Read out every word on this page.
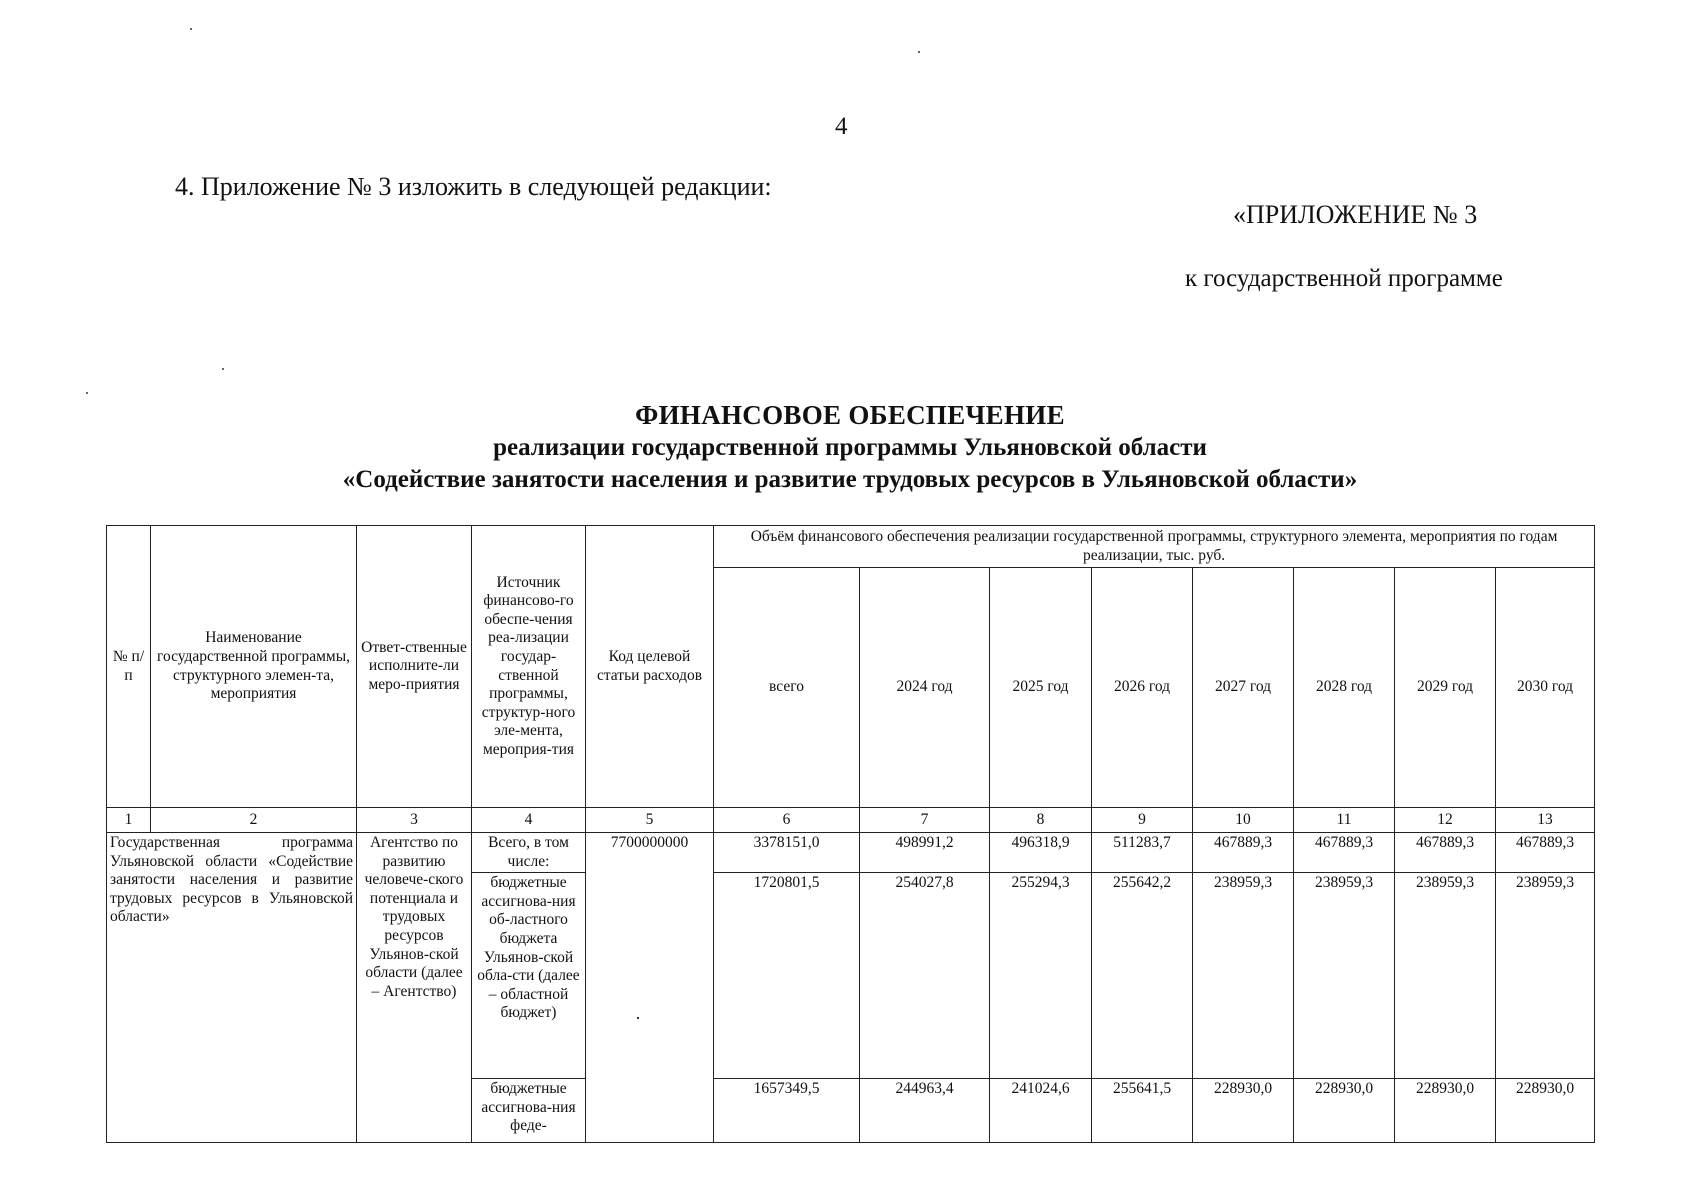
4
4. Приложение № 3 изложить в следующей редакции:
«ПРИЛОЖЕНИЕ № 3
к государственной программе
ФИНАНСОВОЕ ОБЕСПЕЧЕНИЕ
реализации государственной программы Ульяновской области
«Содействие занятости населения и развитие трудовых ресурсов в Ульяновской области»
№ п/п	Наименование государственной программы, структурного элемен-та, мероприятия	Ответ-ственные исполните-ли меро-приятия	Источник финансово-го обеспе-чения реа-лизации государ-ственной программы, структур-ного эле-мента, мероприя-тия	Код целевой статьи расходов	Объём финансового обеспечения реализации государственной программы, структурного элемента, мероприятия по годам реализации, тыс. руб.							
					всего	2024 год	2025 год	2026 год	2027 год	2028 год	2029 год	2030 год
1	2	3	4	5	6	7	8	9	10	11	12	13
Государственная программа Ульяновской области «Содействие занятости населения и развитие трудовых ресурсов в Ульяновской области»		Агентство по развитию человече-ского потенциала и трудовых ресурсов Ульянов-ской области (далее – Агентство)	Всего, в том числе:	7700000000	3378151,0	498991,2	496318,9	511283,7	467889,3	467889,3	467889,3	467889,3
			бюджетные ассигнова-ния об-ластного бюджета Ульянов-ской обла-сти (далее – областной бюджет)		1720801,5	254027,8	255294,3	255642,2	238959,3	238959,3	238959,3	238959,3
			бюджетные ассигнова-ния феде-		1657349,5	244963,4	241024,6	255641,5	228930,0	228930,0	228930,0	228930,0
